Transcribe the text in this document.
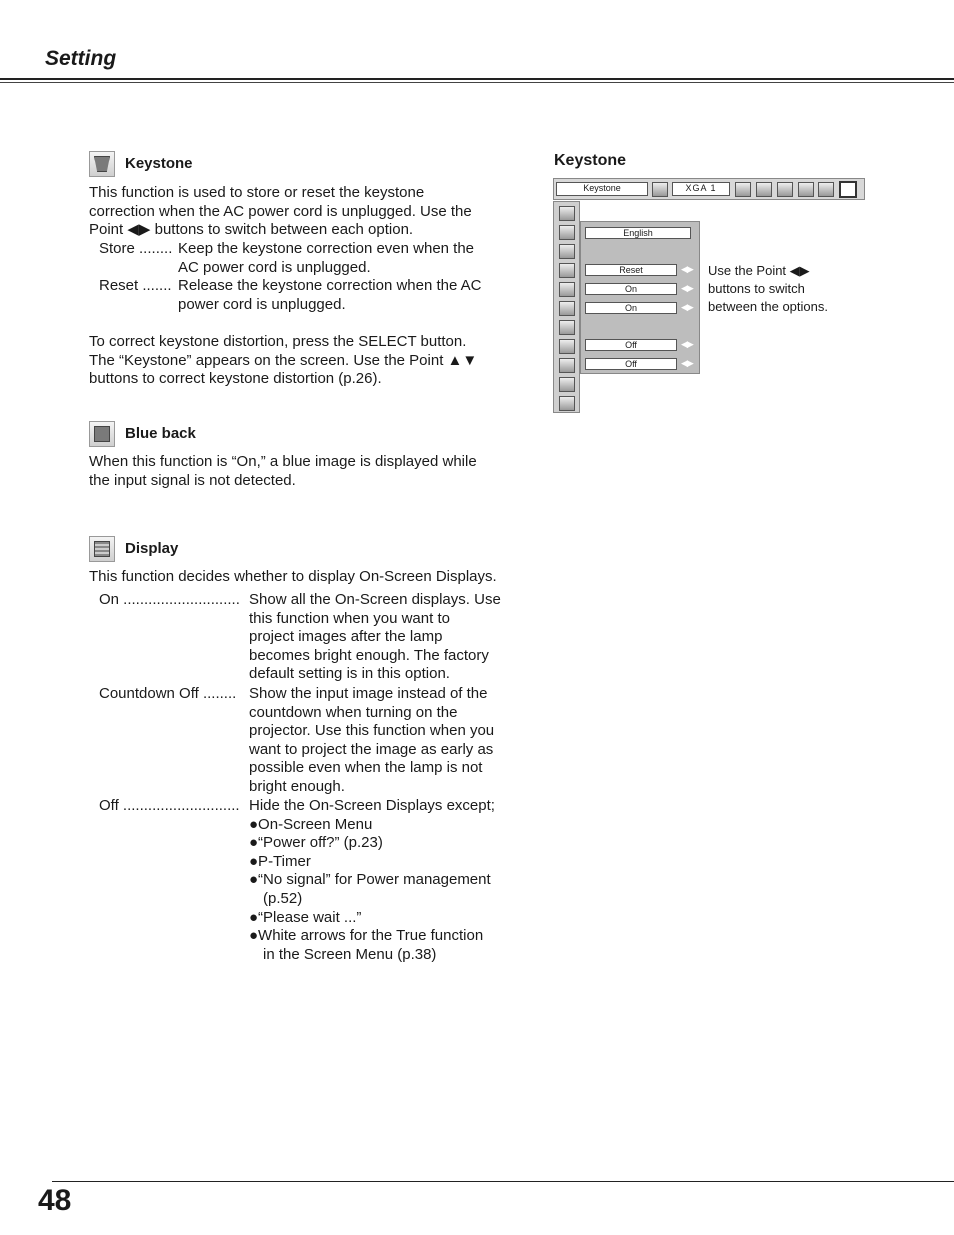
Setting
Keystone
This function is used to store or reset the keystone
correction when the AC power cord is unplugged. Use the
Point ◀▶ buttons to switch between each option.
Store ........ Keep the keystone correction even when the
AC power cord is unplugged.
Reset ....... Release the keystone correction when the AC
power cord is unplugged.
To correct keystone distortion, press the SELECT button.
The “Keystone” appears on the screen. Use the Point ▲▼
buttons to correct keystone distortion (p.26).
Blue back
When this function is “On,” a blue image is displayed while
the input signal is not detected.
Display
This function decides whether to display On-Screen Displays.
On ............................ Show all the On-Screen displays. Use
this function when you want to
project images after the lamp
becomes bright enough. The factory
default setting is in this option.
Countdown Off ........ Show the input image instead of the
countdown when turning on the
projector. Use this function when you
want to project the image as early as
possible even when the lamp is not
bright enough.
Off ............................ Hide the On-Screen Displays except;
●On-Screen Menu
●“Power off?” (p.23)
●P-Timer
●“No signal” for Power management
(p.52)
●“Please wait ...”
●White arrows for the True function
in the Screen Menu (p.38)
Keystone
Keystone	XGA 1
English
Reset	◀▶
On	◀▶
On	◀▶
Off	◀▶
Off	◀▶
Use the Point ◀▶
buttons to switch
between the options.
48
